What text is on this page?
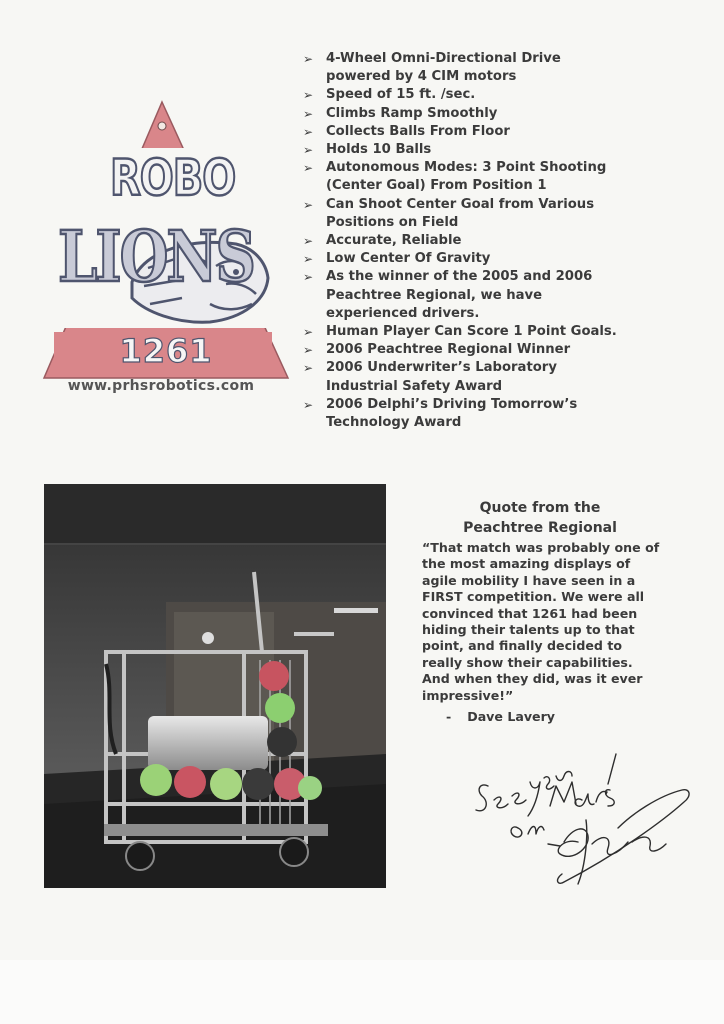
ROBO
LIONS
1261
www.prhsrobotics.com
➢ 4-Wheel Omni-Directional Drive
powered by 4 CIM motors
➢ Speed of 15 ft. /sec.
➢ Climbs Ramp Smoothly
➢ Collects Balls From Floor
➢ Holds 10 Balls
➢ Autonomous Modes: 3 Point Shooting
(Center Goal) From Position 1
➢ Can Shoot Center Goal from Various
Positions on Field
➢ Accurate, Reliable
➢ Low Center Of Gravity
➢ As the winner of the 2005 and 2006
Peachtree Regional, we have
experienced drivers.
➢ Human Player Can Score 1 Point Goals.
➢ 2006 Peachtree Regional Winner
➢ 2006 Underwriter’s Laboratory
Industrial Safety Award
➢ 2006 Delphi’s Driving Tomorrow’s
Technology Award
Quote from the
Peachtree Regional
“That match was probably one of
the most amazing displays of
agile mobility I have seen in a
FIRST competition. We were all
convinced that 1261 had been
hiding their talents up to that
point, and finally decided to
really show their capabilities.
And when they did, was it ever
impressive!”
- Dave Lavery
